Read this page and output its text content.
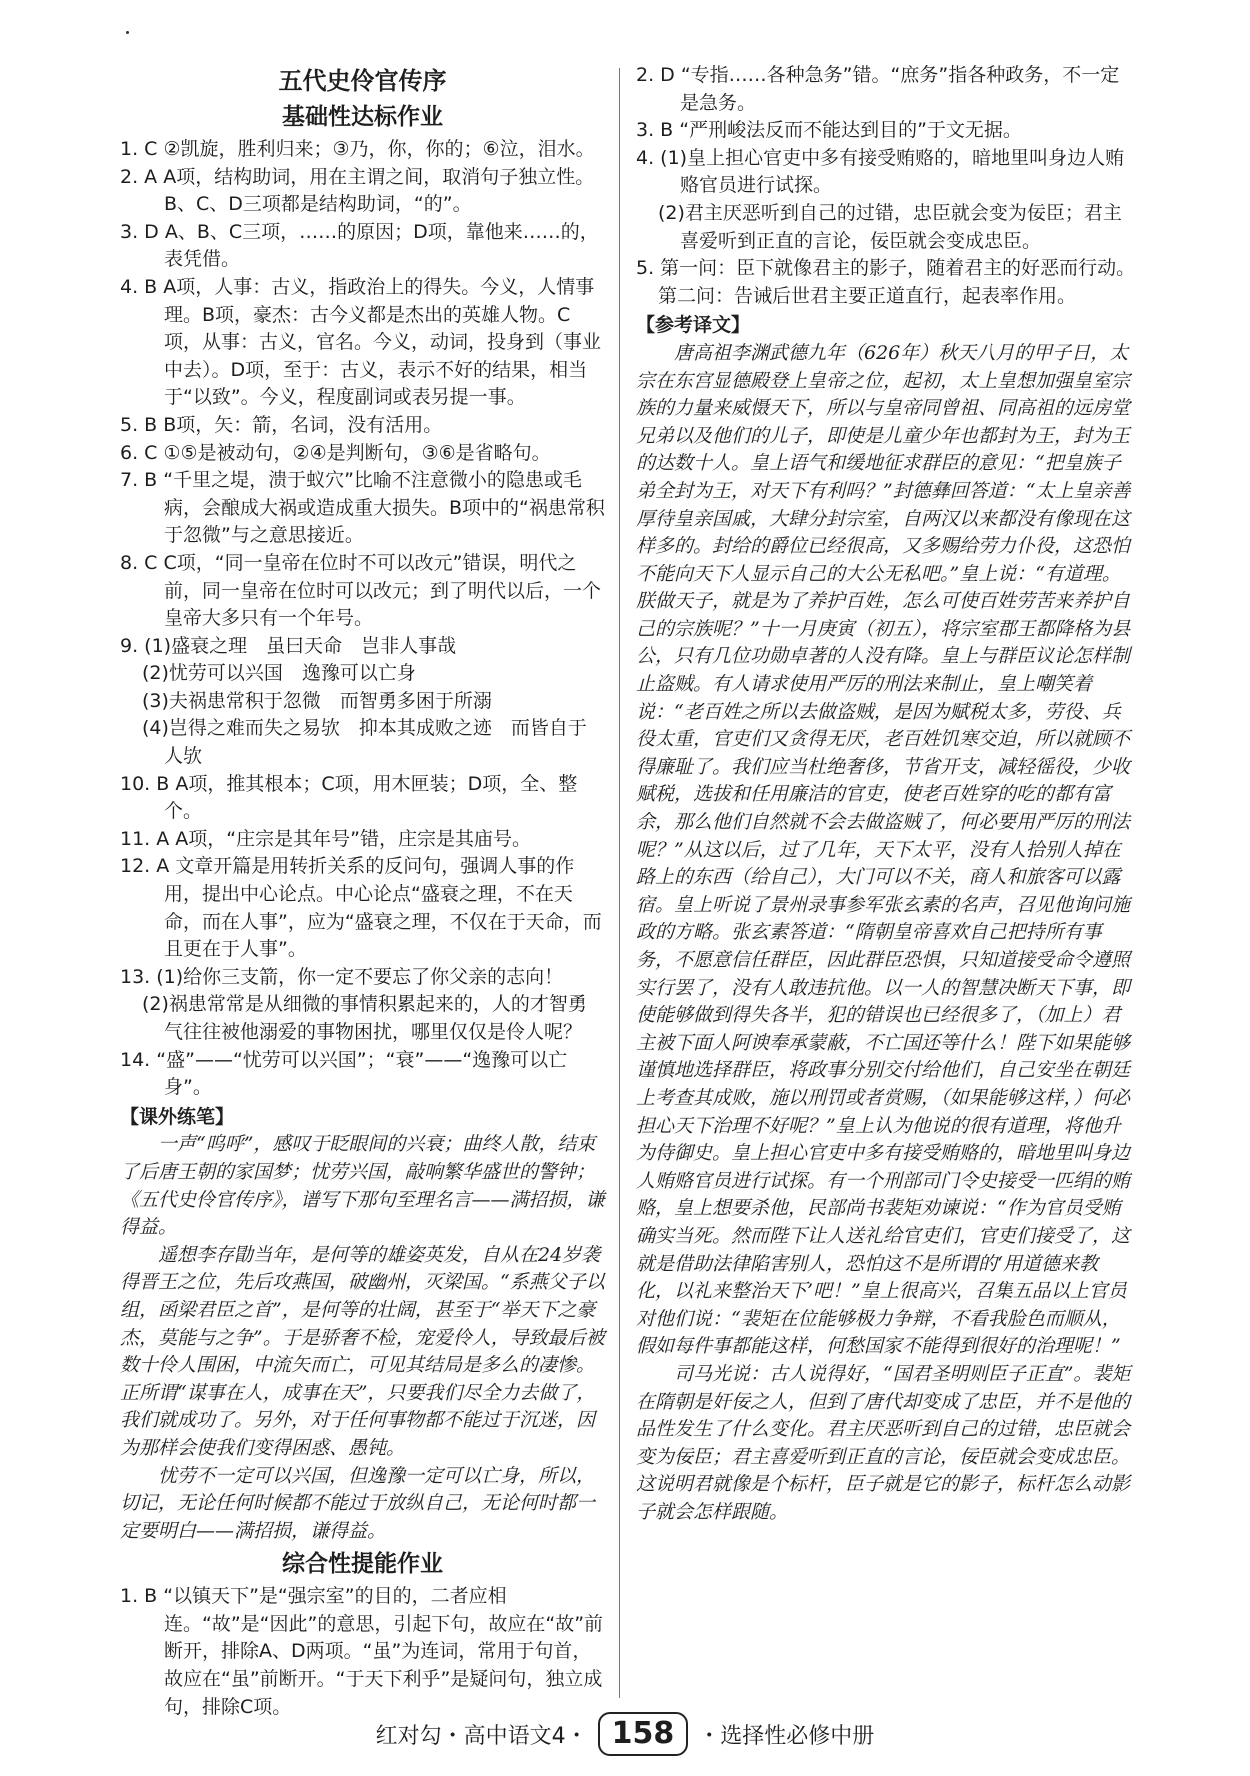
五代史伶官传序
基础性达标作业
1. C ②凯旋，胜利归来；③乃，你，你的；⑥泣，泪水。
2. A A项，结构助词，用在主谓之间，取消句子独立性。B、C、D三项都是结构助词，“的”。
3. D A、B、C三项，……的原因；D项，靠他来……的，表凭借。
4. B A项，人事：古义，指政治上的得失。今义，人情事理。B项，豪杰：古今义都是杰出的英雄人物。C项，从事：古义，官名。今义，动词，投身到（事业中去）。D项，至于：古义，表示不好的结果，相当于“以致”。今义，程度副词或表另提一事。
5. B B项，矢：箭，名词，没有活用。
6. C ①⑤是被动句，②④是判断句，③⑥是省略句。
7. B “千里之堤，溃于蚁穴”比喻不注意微小的隐患或毛病，会酿成大祸或造成重大损失。B项中的“祸患常积于忽微”与之意思接近。
8. C C项，“同一皇帝在位时不可以改元”错误，明代之前，同一皇帝在位时可以改元；到了明代以后，一个皇帝大多只有一个年号。
9. (1)盛衰之理　虽曰天命　岂非人事哉
(2)忧劳可以兴国　逸豫可以亡身
(3)夫祸患常积于忽微　而智勇多困于所溺
(4)岂得之难而失之易欤　抑本其成败之迹　而皆自于人欤
10. B A项，推其根本；C项，用木匣装；D项，全、整个。
11. A A项，“庄宗是其年号”错，庄宗是其庙号。
12. A 文章开篇是用转折关系的反问句，强调人事的作用，提出中心论点。中心论点“盛衰之理，不在天命，而在人事”，应为“盛衰之理，不仅在于天命，而且更在于人事”。
13. (1)给你三支箭，你一定不要忘了你父亲的志向！
(2)祸患常常是从细微的事情积累起来的，人的才智勇气往往被他溺爱的事物困扰，哪里仅仅是伶人呢？
14. “盛”——“忧劳可以兴国”；“衰”——“逸豫可以亡身”。
【课外练笔】
一声“呜呼”，感叹于眨眼间的兴衰；曲终人散，结束了后唐王朝的家国梦；忧劳兴国，敲响繁华盛世的警钟；《五代史伶官传序》，谱写下那句至理名言——满招损，谦得益。
遥想李存勖当年，是何等的雄姿英发，自从在24岁袭得晋王之位，先后攻燕国，破幽州，灭梁国。“系燕父子以组，函梁君臣之首”，是何等的壮阔，甚至于“举天下之豪杰，莫能与之争”。于是骄奢不检，宠爱伶人，导致最后被数十伶人围困，中流矢而亡，可见其结局是多么的凄惨。正所谓“谋事在人，成事在天”，只要我们尽全力去做了，我们就成功了。另外，对于任何事物都不能过于沉迷，因为那样会使我们变得困惑、愚钝。
忧劳不一定可以兴国，但逸豫一定可以亡身，所以，切记，无论任何时候都不能过于放纵自己，无论何时都一定要明白——满招损，谦得益。
综合性提能作业
1. B “以镇天下”是“强宗室”的目的，二者应相连。“故”是“因此”的意思，引起下句，故应在“故”前断开，排除A、D两项。“虽”为连词，常用于句首，故应在“虽”前断开。“于天下利乎”是疑问句，独立成句，排除C项。
2. D “专指……各种急务”错。“庶务”指各种政务，不一定是急务。
3. B “严刑峻法反而不能达到目的”于文无据。
4. (1)皇上担心官吏中多有接受贿赂的，暗地里叫身边人贿赂官员进行试探。
(2)君主厌恶听到自己的过错，忠臣就会变为佞臣；君主喜爱听到正直的言论，佞臣就会变成忠臣。
5. 第一问：臣下就像君主的影子，随着君主的好恶而行动。
第二问：告诫后世君主要正道直行，起表率作用。
【参考译文】
唐高祖李渊武德九年（626年）秋天八月的甲子日，太宗在东宫显德殿登上皇帝之位，起初，太上皇想加强皇室宗族的力量来威慑天下，所以与皇帝同曾祖、同高祖的远房堂兄弟以及他们的儿子，即使是儿童少年也都封为王，封为王的达数十人。皇上语气和缓地征求群臣的意见：“把皇族子弟全封为王，对天下有利吗？”封德彝回答道：“太上皇亲善厚待皇亲国戚，大肆分封宗室，自两汉以来都没有像现在这样多的。封给的爵位已经很高，又多赐给劳力仆役，这恐怕不能向天下人显示自己的大公无私吧。”皇上说：“有道理。朕做天子，就是为了养护百姓，怎么可使百姓劳苦来养护自己的宗族呢？”十一月庚寅（初五），将宗室郡王都降格为县公，只有几位功勋卓著的人没有降。皇上与群臣议论怎样制止盗贼。有人请求使用严厉的刑法来制止，皇上嘲笑着说：“老百姓之所以去做盗贼，是因为赋税太多，劳役、兵役太重，官吏们又贪得无厌，老百姓饥寒交迫，所以就顾不得廉耻了。我们应当杜绝奢侈，节省开支，减轻徭役，少收赋税，选拔和任用廉洁的官吏，使老百姓穿的吃的都有富余，那么他们自然就不会去做盗贼了，何必要用严厉的刑法呢？”从这以后，过了几年，天下太平，没有人拾别人掉在路上的东西（给自己），大门可以不关，商人和旅客可以露宿。皇上听说了景州录事参军张玄素的名声，召见他询问施政的方略。张玄素答道：“隋朝皇帝喜欢自己把持所有事务，不愿意信任群臣，因此群臣恐惧，只知道接受命令遵照实行罢了，没有人敢违抗他。以一人的智慧决断天下事，即使能够做到得失各半，犯的错误也已经很多了，（加上）君主被下面人阿谀奉承蒙蔽，不亡国还等什么！陛下如果能够谨慎地选择群臣，将政事分别交付给他们，自己安坐在朝廷上考查其成败，施以刑罚或者赏赐，（如果能够这样，）何必担心天下治理不好呢？”皇上认为他说的很有道理，将他升为侍御史。皇上担心官吏中多有接受贿赂的，暗地里叫身边人贿赂官员进行试探。有一个刑部司门令史接受一匹绢的贿赂，皇上想要杀他，民部尚书裴矩劝谏说：“作为官员受贿确实当死。然而陛下让人送礼给官吏们，官吏们接受了，这就是借助法律陷害别人，恐怕这不是所谓的‘用道德来教化，以礼来整治天下’吧！”皇上很高兴，召集五品以上官员对他们说：“裴矩在位能够极力争辩，不看我脸色而顺从，假如每件事都能这样，何愁国家不能得到很好的治理呢！”
司马光说：古人说得好，“国君圣明则臣子正直”。裴矩在隋朝是奸佞之人，但到了唐代却变成了忠臣，并不是他的品性发生了什么变化。君主厌恶听到自己的过错，忠臣就会变为佞臣；君主喜爱听到正直的言论，佞臣就会变成忠臣。这说明君就像是个标杆，臣子就是它的影子，标杆怎么动影子就会怎样跟随。
红对勾・高中语文4・ 158	・选择性必修中册
